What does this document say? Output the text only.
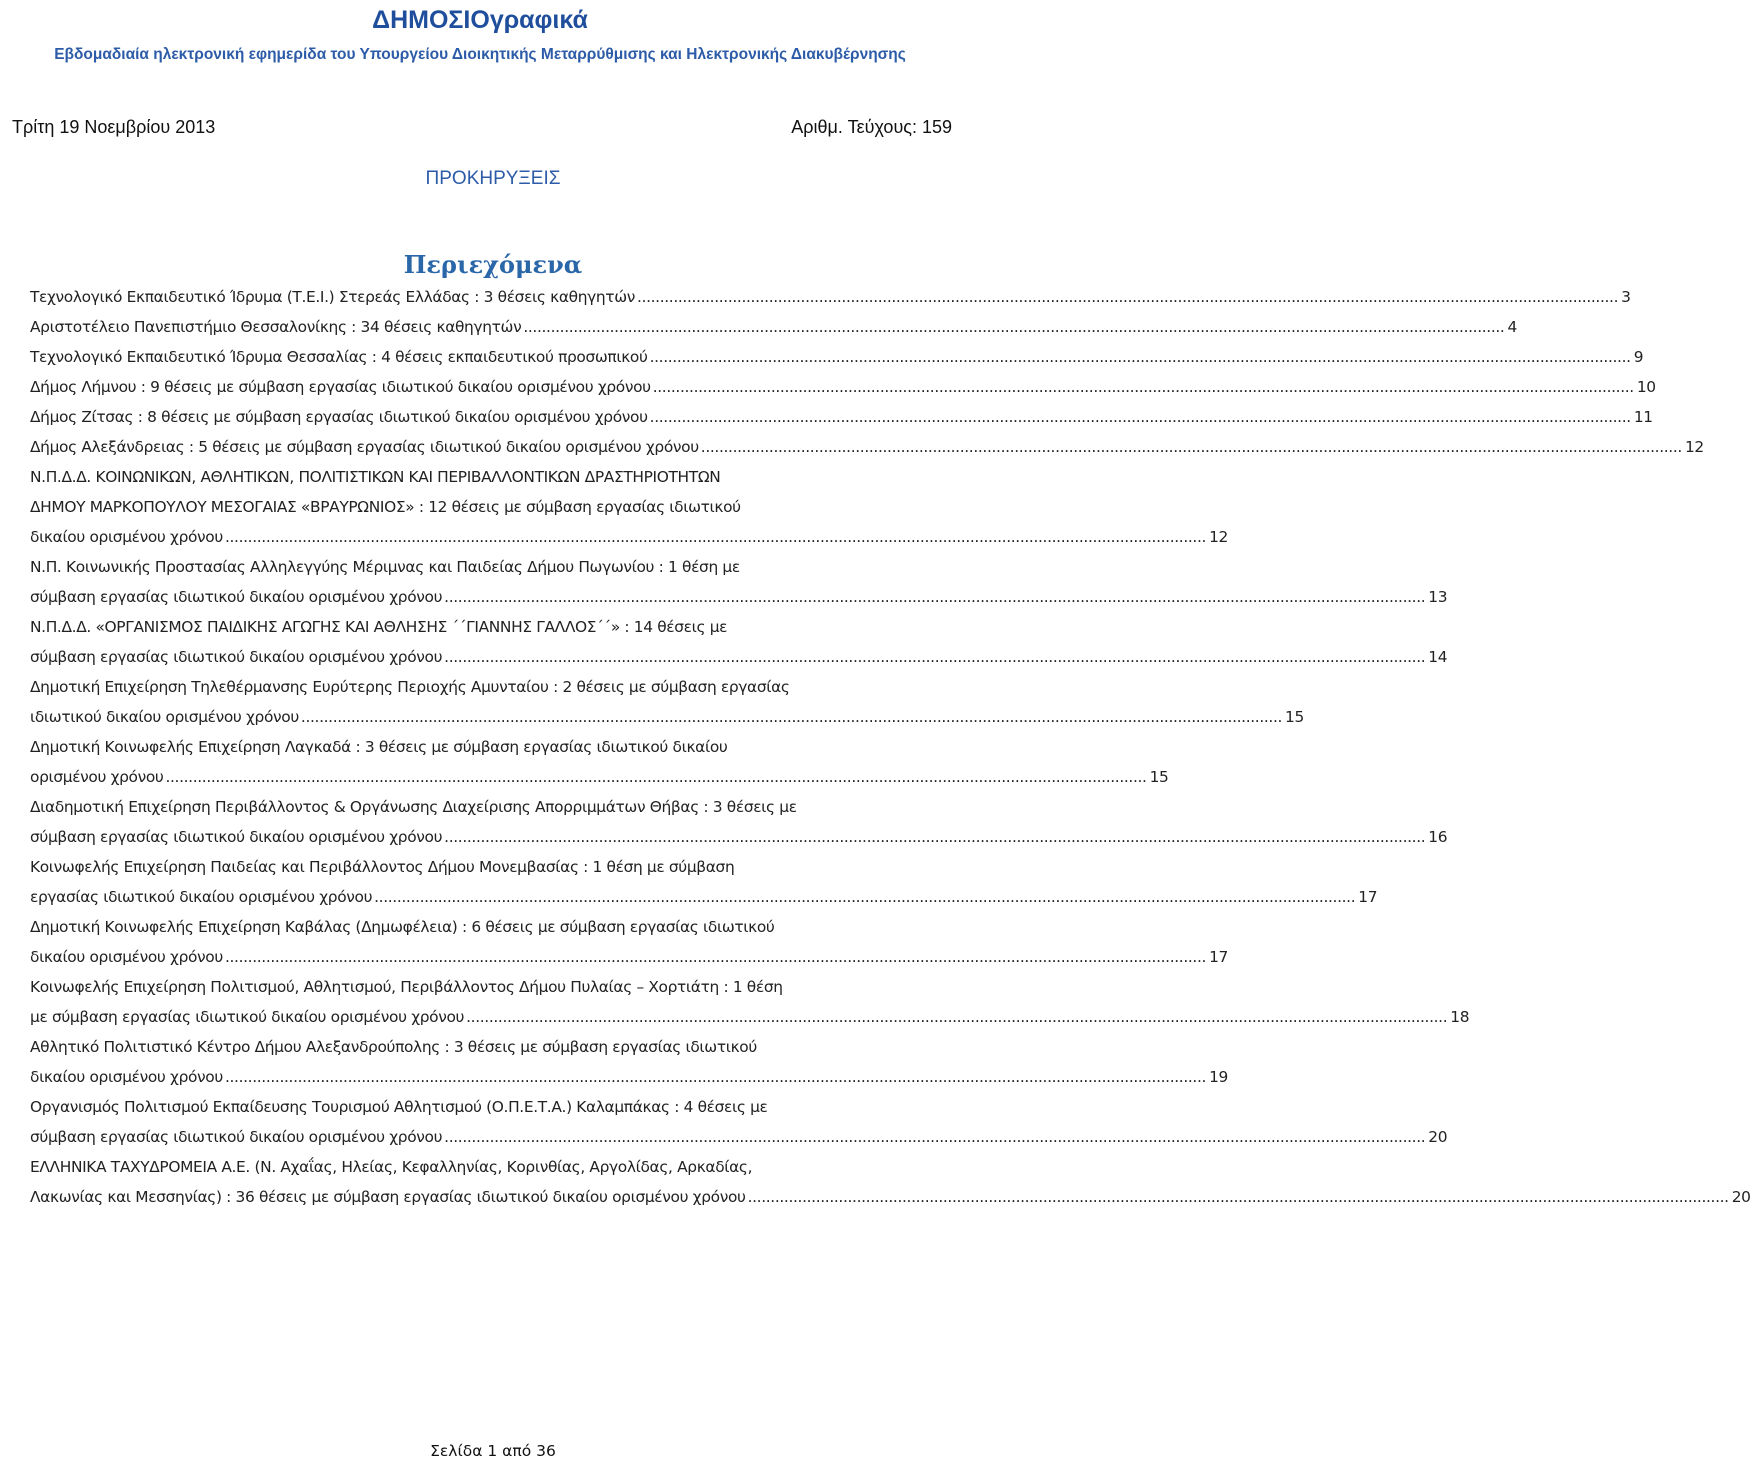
ΔΗΜΟΣΙΟγραφικά
Εβδομαδιαία ηλεκτρονική εφημερίδα του Υπουργείου Διοικητικής Μεταρρύθμισης και Ηλεκτρονικής Διακυβέρνησης
Τρίτη 19 Νοεμβρίου 2013	Αριθμ. Τεύχους: 159
ΠΡΟΚΗΡΥΞΕΙΣ
Περιεχόμενα
Τεχνολογικό Εκπαιδευτικό Ίδρυμα (Τ.Ε.Ι.) Στερεάς Ελλάδας : 3 θέσεις καθηγητών .....	3
Αριστοτέλειο Πανεπιστήμιο Θεσσαλονίκης : 34 θέσεις καθηγητών .....	4
Τεχνολογικό Εκπαιδευτικό Ίδρυμα Θεσσαλίας : 4 θέσεις εκπαιδευτικού προσωπικού .....	9
Δήμος Λήμνου : 9 θέσεις με σύμβαση εργασίας ιδιωτικού δικαίου ορισμένου χρόνου .....	10
Δήμος Ζίτσας : 8 θέσεις με σύμβαση εργασίας ιδιωτικού δικαίου ορισμένου χρόνου .....	11
Δήμος Αλεξάνδρειας : 5 θέσεις με σύμβαση εργασίας ιδιωτικού δικαίου ορισμένου χρόνου .....	12
Ν.Π.Δ.Δ. ΚΟΙΝΩΝΙΚΩΝ, ΑΘΛΗΤΙΚΩΝ, ΠΟΛΙΤΙΣΤΙΚΩΝ ΚΑΙ ΠΕΡΙΒΑΛΛΟΝΤΙΚΩΝ ΔΡΑΣΤΗΡΙΟΤΗΤΩΝ
ΔΗΜΟΥ ΜΑΡΚΟΠΟΥΛΟΥ ΜΕΣΟΓΑΙΑΣ «ΒΡΑΥΡΩΝΙΟΣ» : 12 θέσεις με σύμβαση εργασίας ιδιωτικού
δικαίου ορισμένου χρόνου .....	12
Ν.Π. Κοινωνικής Προστασίας Αλληλεγγύης Μέριμνας και Παιδείας Δήμου Πωγωνίου : 1 θέση με
σύμβαση εργασίας ιδιωτικού δικαίου ορισμένου χρόνου .....	13
Ν.Π.Δ.Δ. «ΟΡΓΑΝΙΣΜΟΣ ΠΑΙΔΙΚΗΣ ΑΓΩΓΗΣ ΚΑΙ ΑΘΛΗΣΗΣ ΄΄ΓΙΑΝΝΗΣ ΓΑΛΛΟΣ΄΄» : 14 θέσεις με
σύμβαση εργασίας ιδιωτικού δικαίου ορισμένου χρόνου .....	14
Δημοτική Επιχείρηση Τηλεθέρμανσης Ευρύτερης Περιοχής Αμυνταίου : 2 θέσεις με σύμβαση εργασίας
ιδιωτικού δικαίου ορισμένου χρόνου .....	15
Δημοτική Κοινωφελής Επιχείρηση Λαγκαδά : 3 θέσεις με σύμβαση εργασίας ιδιωτικού δικαίου
ορισμένου χρόνου .....	15
Διαδημοτική Επιχείρηση Περιβάλλοντος & Οργάνωσης Διαχείρισης Απορριμμάτων Θήβας : 3 θέσεις με
σύμβαση εργασίας ιδιωτικού δικαίου ορισμένου χρόνου .....	16
Κοινωφελής Επιχείρηση Παιδείας και Περιβάλλοντος Δήμου Μονεμβασίας : 1 θέση με σύμβαση
εργασίας ιδιωτικού δικαίου ορισμένου χρόνου .....	17
Δημοτική Κοινωφελής Επιχείρηση Καβάλας (Δημωφέλεια) : 6 θέσεις με σύμβαση εργασίας ιδιωτικού
δικαίου ορισμένου χρόνου .....	17
Κοινωφελής Επιχείρηση Πολιτισμού, Αθλητισμού, Περιβάλλοντος Δήμου Πυλαίας – Χορτιάτη : 1 θέση
με σύμβαση εργασίας ιδιωτικού δικαίου ορισμένου χρόνου .....	18
Αθλητικό Πολιτιστικό Κέντρο Δήμου Αλεξανδρούπολης : 3 θέσεις με σύμβαση εργασίας ιδιωτικού
δικαίου ορισμένου χρόνου .....	19
Οργανισμός Πολιτισμού Εκπαίδευσης Τουρισμού Αθλητισμού (Ο.Π.Ε.Τ.Α.) Καλαμπάκας : 4 θέσεις με
σύμβαση εργασίας ιδιωτικού δικαίου ορισμένου χρόνου .....	20
ΕΛΛΗΝΙΚΑ ΤΑΧΥΔΡΟΜΕΙΑ Α.Ε. (Ν. Αχαΐας, Ηλείας, Κεφαλληνίας, Κορινθίας, Αργολίδας, Αρκαδίας,
Λακωνίας και Μεσσηνίας) : 36 θέσεις με σύμβαση εργασίας ιδιωτικού δικαίου ορισμένου χρόνου .....	20
Σελίδα 1 από 36
